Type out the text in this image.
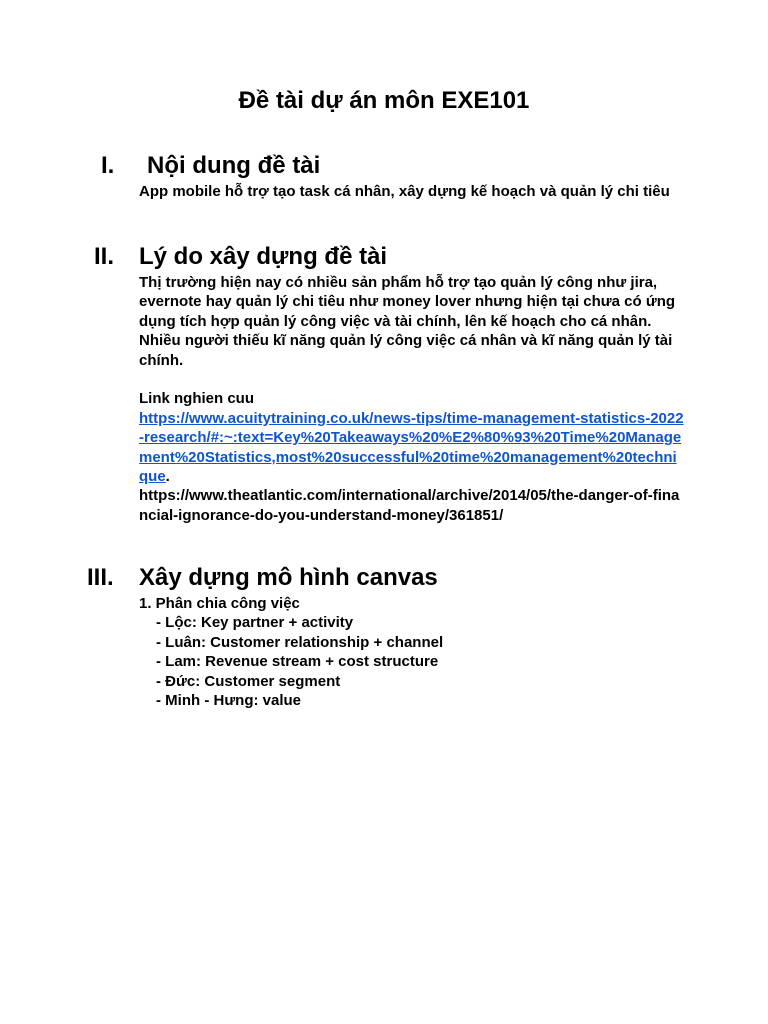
Đề tài dự án môn EXE101
I. Nội dung đề tài

App mobile hỗ trợ tạo task cá nhân, xây dựng kế hoạch và quản lý chi tiêu

II. Lý do xây dựng đề tài

Thị trường hiện nay có nhiều sản phẩm hỗ trợ tạo quản lý công như jira, evernote hay quản lý chi tiêu như money lover nhưng hiện tại chưa có ứng dụng tích hợp quản lý công việc và tài chính, lên kế hoạch cho cá nhân.

Nhiều người thiếu kĩ năng quản lý công việc cá nhân và kĩ năng quản lý tài chính.

Link nghien cuu

https://www.acuitytraining.co.uk/news-tips/time-management-statistics-2022-research/#:~:text=Key%20Takeaways%20%E2%80%93%20Time%20Management%20Statistics,most%20successful%20time%20management%20technique.

https://www.theatlantic.com/international/archive/2014/05/the-danger-of-financial-ignorance-do-you-understand-money/361851/

III. Xây dựng mô hình canvas

1. Phân chia công việc

- Lộc: Key partner + activity

- Luân: Customer relationship + channel

- Lam: Revenue stream + cost structure

- Đức: Customer segment

- Minh - Hưng: value
